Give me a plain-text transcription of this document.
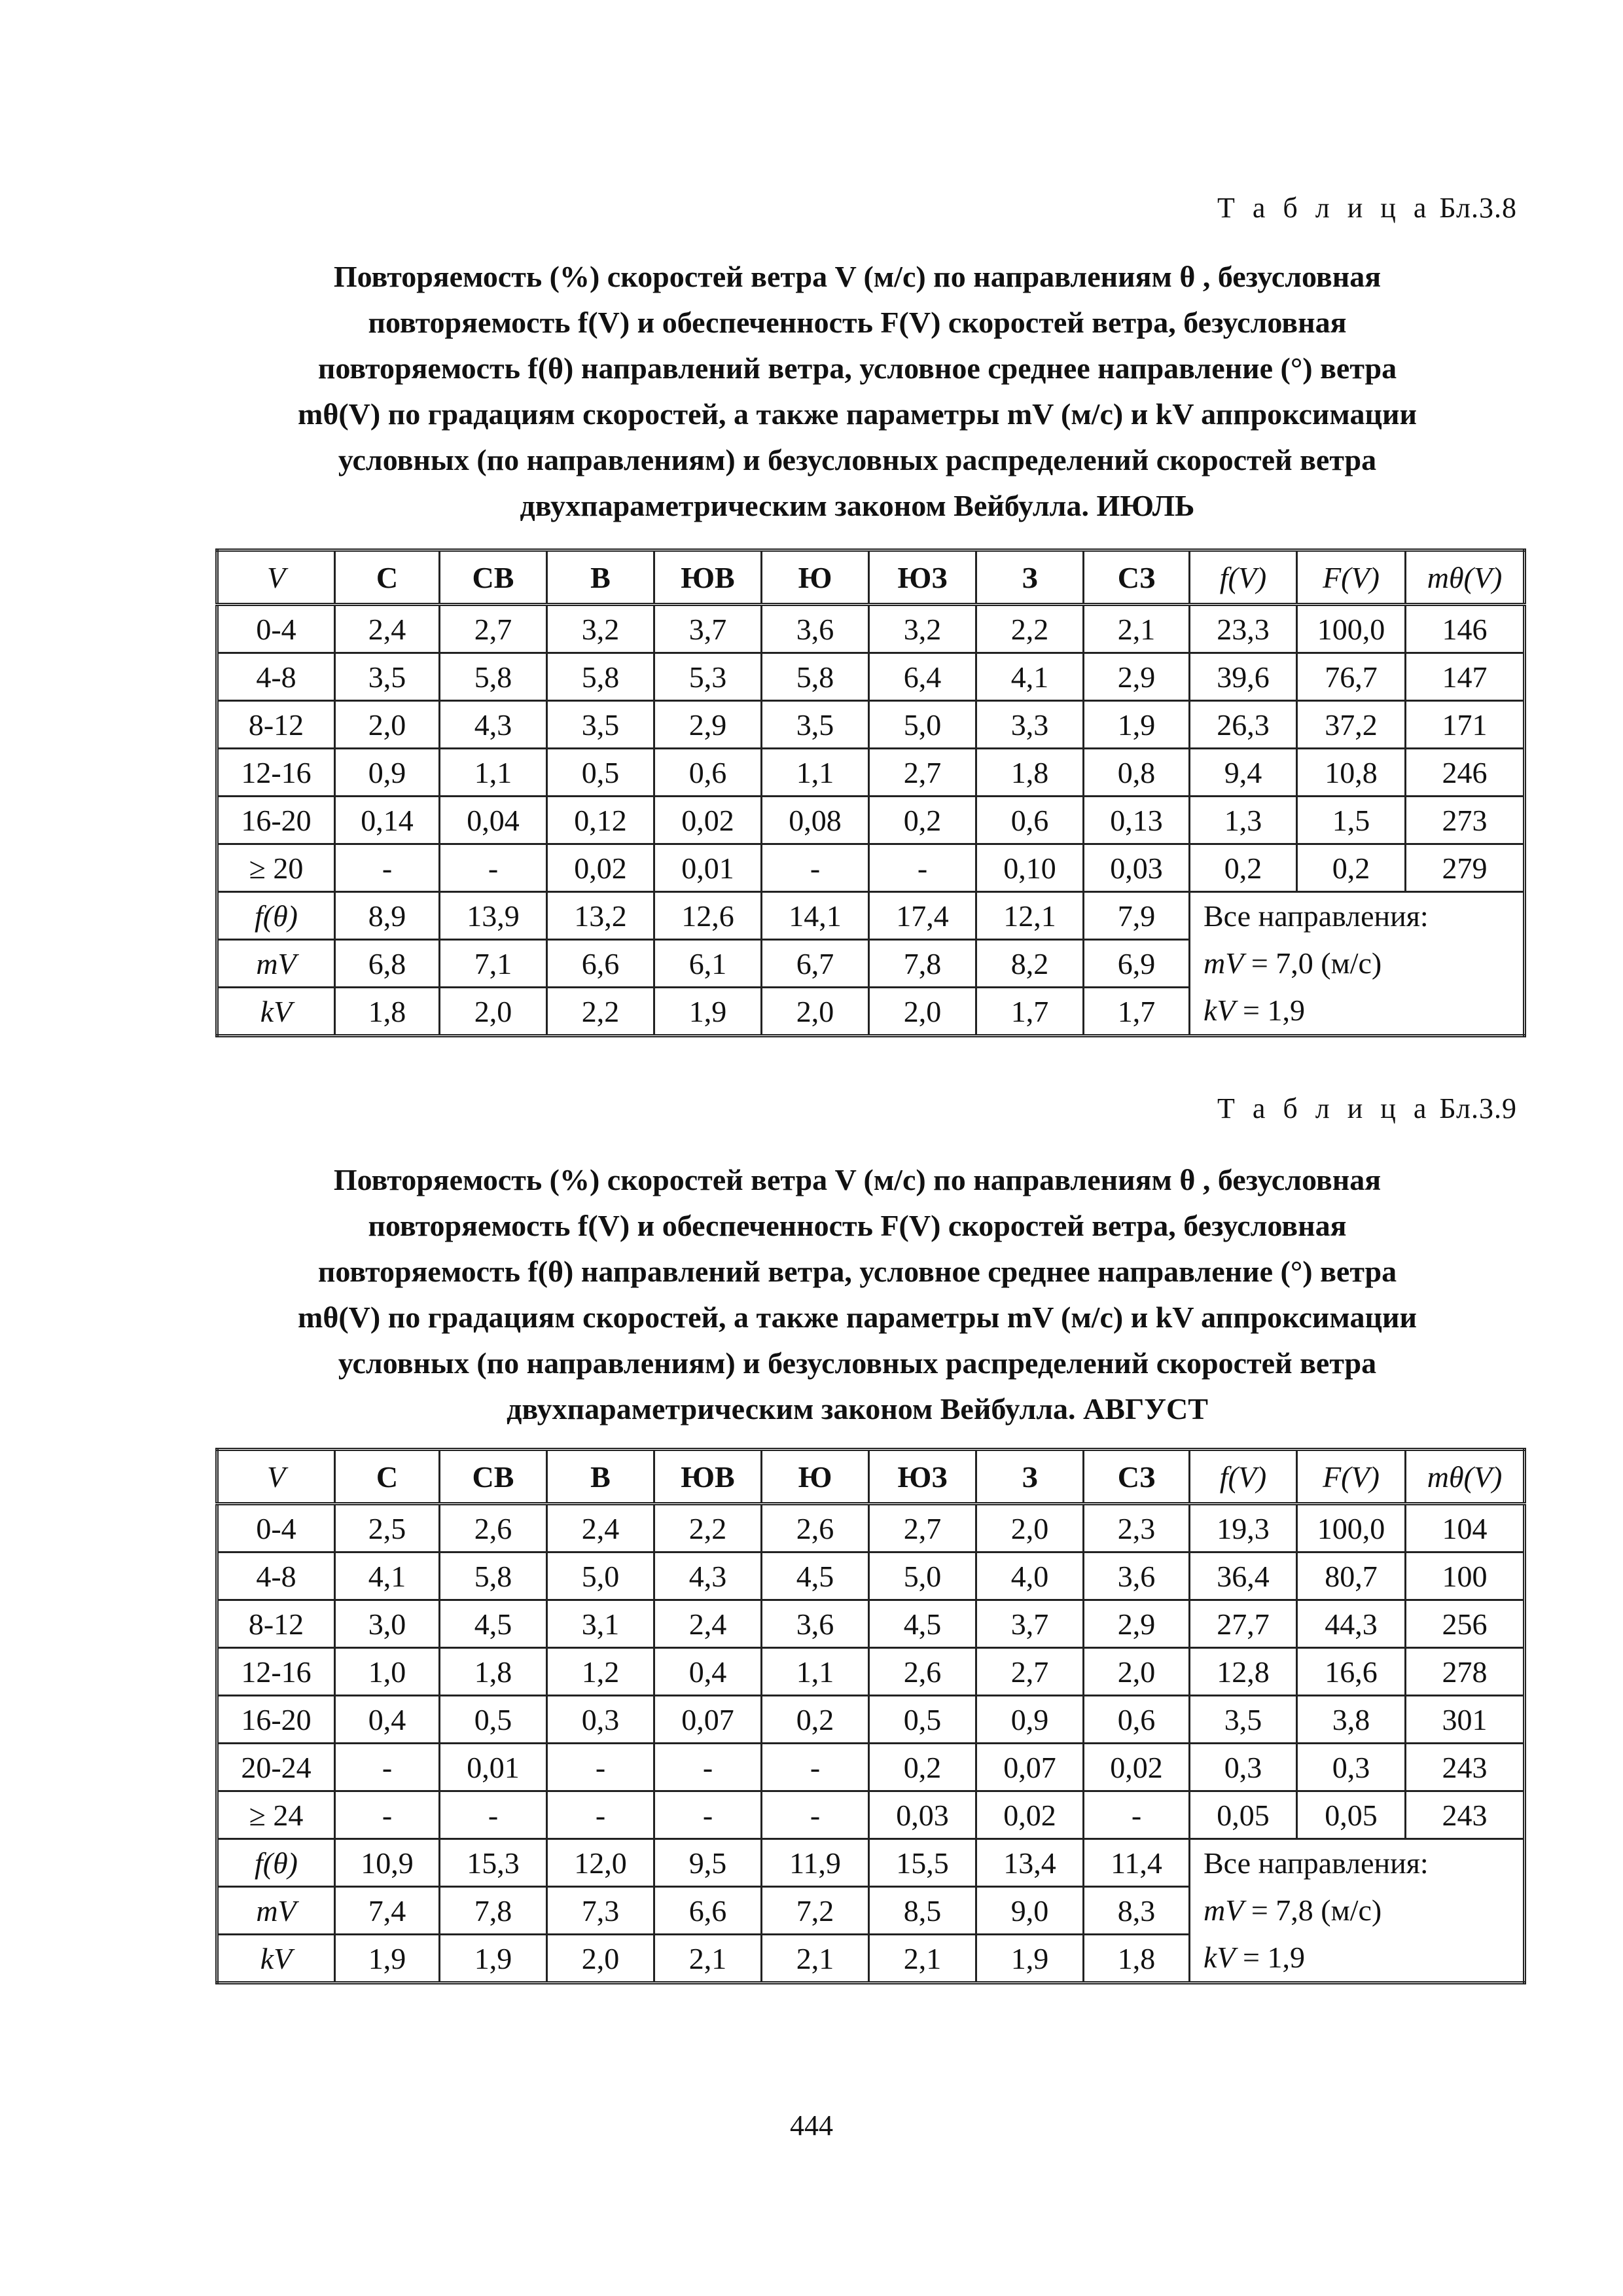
Т а б л и ц а Бл.3.8
Повторяемость (%) скоростей ветра V (м/с) по направлениям θ , безусловная
повторяемость f(V) и обеспеченность F(V) скоростей ветра, безусловная
повторяемость f(θ) направлений ветра, условное среднее направление (°) ветра
mθ(V) по градациям скоростей, а также параметры mV (м/с) и kV аппроксимации
условных (по направлениям) и безусловных распределений скоростей ветра
двухпараметрическим законом Вейбулла. ИЮЛЬ
V	С	СВ	В	ЮВ	Ю	ЮЗ	З	СЗ	f(V)	F(V)	mθ(V)
0-4	2,4	2,7	3,2	3,7	3,6	3,2	2,2	2,1	23,3	100,0	146
4-8	3,5	5,8	5,8	5,3	5,8	6,4	4,1	2,9	39,6	76,7	147
8-12	2,0	4,3	3,5	2,9	3,5	5,0	3,3	1,9	26,3	37,2	171
12-16	0,9	1,1	0,5	0,6	1,1	2,7	1,8	0,8	9,4	10,8	246
16-20	0,14	0,04	0,12	0,02	0,08	0,2	0,6	0,13	1,3	1,5	273
≥ 20	-	-	0,02	0,01	-	-	0,10	0,03	0,2	0,2	279
f(θ)	8,9	13,9	13,2	12,6	14,1	17,4	12,1	7,9	Все направления:
mV = 7,0 (м/с)
kV = 1,9		

mV	6,8	7,1	6,6	6,1	6,7	7,8	8,2	6,9			
kV	1,8	2,0	2,2	1,9	2,0	2,0	1,7	1,7			
Т а б л и ц а Бл.3.9
Повторяемость (%) скоростей ветра V (м/с) по направлениям θ , безусловная
повторяемость f(V) и обеспеченность F(V) скоростей ветра, безусловная
повторяемость f(θ) направлений ветра, условное среднее направление (°) ветра
mθ(V) по градациям скоростей, а также параметры mV (м/с) и kV аппроксимации
условных (по направлениям) и безусловных распределений скоростей ветра
двухпараметрическим законом Вейбулла. АВГУСТ
V	С	СВ	В	ЮВ	Ю	ЮЗ	З	СЗ	f(V)	F(V)	mθ(V)
0-4	2,5	2,6	2,4	2,2	2,6	2,7	2,0	2,3	19,3	100,0	104
4-8	4,1	5,8	5,0	4,3	4,5	5,0	4,0	3,6	36,4	80,7	100
8-12	3,0	4,5	3,1	2,4	3,6	4,5	3,7	2,9	27,7	44,3	256
12-16	1,0	1,8	1,2	0,4	1,1	2,6	2,7	2,0	12,8	16,6	278
16-20	0,4	0,5	0,3	0,07	0,2	0,5	0,9	0,6	3,5	3,8	301
20-24	-	0,01	-	-	-	0,2	0,07	0,02	0,3	0,3	243
≥ 24	-	-	-	-	-	0,03	0,02	-	0,05	0,05	243
f(θ)	10,9	15,3	12,0	9,5	11,9	15,5	13,4	11,4	Все направления:
mV = 7,8 (м/с)
kV = 1,9		

mV	7,4	7,8	7,3	6,6	7,2	8,5	9,0	8,3			
kV	1,9	1,9	2,0	2,1	2,1	2,1	1,9	1,8			
444
